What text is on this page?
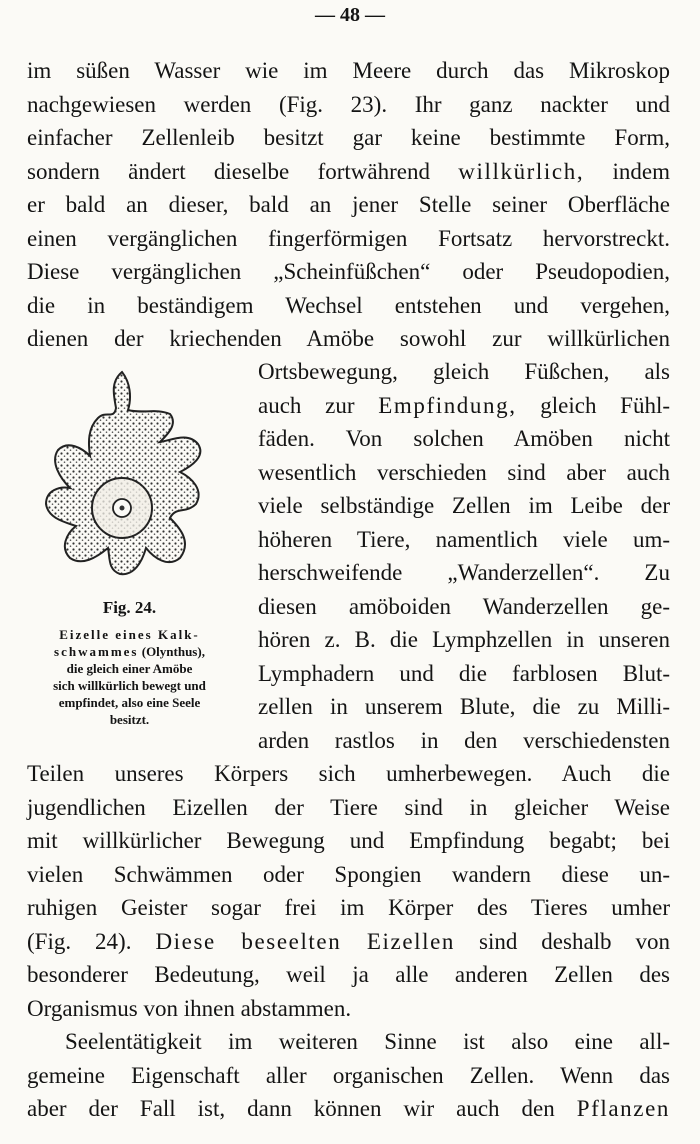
— 48 —
im süßen Wasser wie im Meere durch das Mikroskop
nachgewiesen werden (Fig. 23). Ihr ganz nackter und
einfacher Zellenleib besitzt gar keine bestimmte Form,
sondern ändert dieselbe fortwährend willkürlich, indem
er bald an dieser, bald an jener Stelle seiner Oberfläche
einen vergänglichen fingerförmigen Fortsatz hervorstreckt.
Diese vergänglichen „Scheinfüßchen“ oder Pseudopodien,
die in beständigem Wechsel entstehen und vergehen,
dienen der kriechenden Amöbe sowohl zur willkürlichen
Fig. 24.
Eizelle eines Kalk-
schwammes (Olynthus),
die gleich einer Amöbe
sich willkürlich bewegt und
empfindet, also eine Seele
besitzt.
Ortsbewegung, gleich Füßchen, als
auch zur Empfindung, gleich Fühl-
fäden. Von solchen Amöben nicht
wesentlich verschieden sind aber auch
viele selbständige Zellen im Leibe der
höheren Tiere, namentlich viele um-
herschweifende „Wanderzellen“. Zu
diesen amöboiden Wanderzellen ge-
hören z. B. die Lymphzellen in unseren
Lymphadern und die farblosen Blut-
zellen in unserem Blute, die zu Milli-
arden rastlos in den verschiedensten
Teilen unseres Körpers sich umherbewegen. Auch die
jugendlichen Eizellen der Tiere sind in gleicher Weise
mit willkürlicher Bewegung und Empfindung begabt; bei
vielen Schwämmen oder Spongien wandern diese un-
ruhigen Geister sogar frei im Körper des Tieres umher
(Fig. 24). Diese beseelten Eizellen sind deshalb von
besonderer Bedeutung, weil ja alle anderen Zellen des
Organismus von ihnen abstammen.
Seelentätigkeit im weiteren Sinne ist also eine all-
gemeine Eigenschaft aller organischen Zellen. Wenn das
aber der Fall ist, dann können wir auch den Pflanzen
